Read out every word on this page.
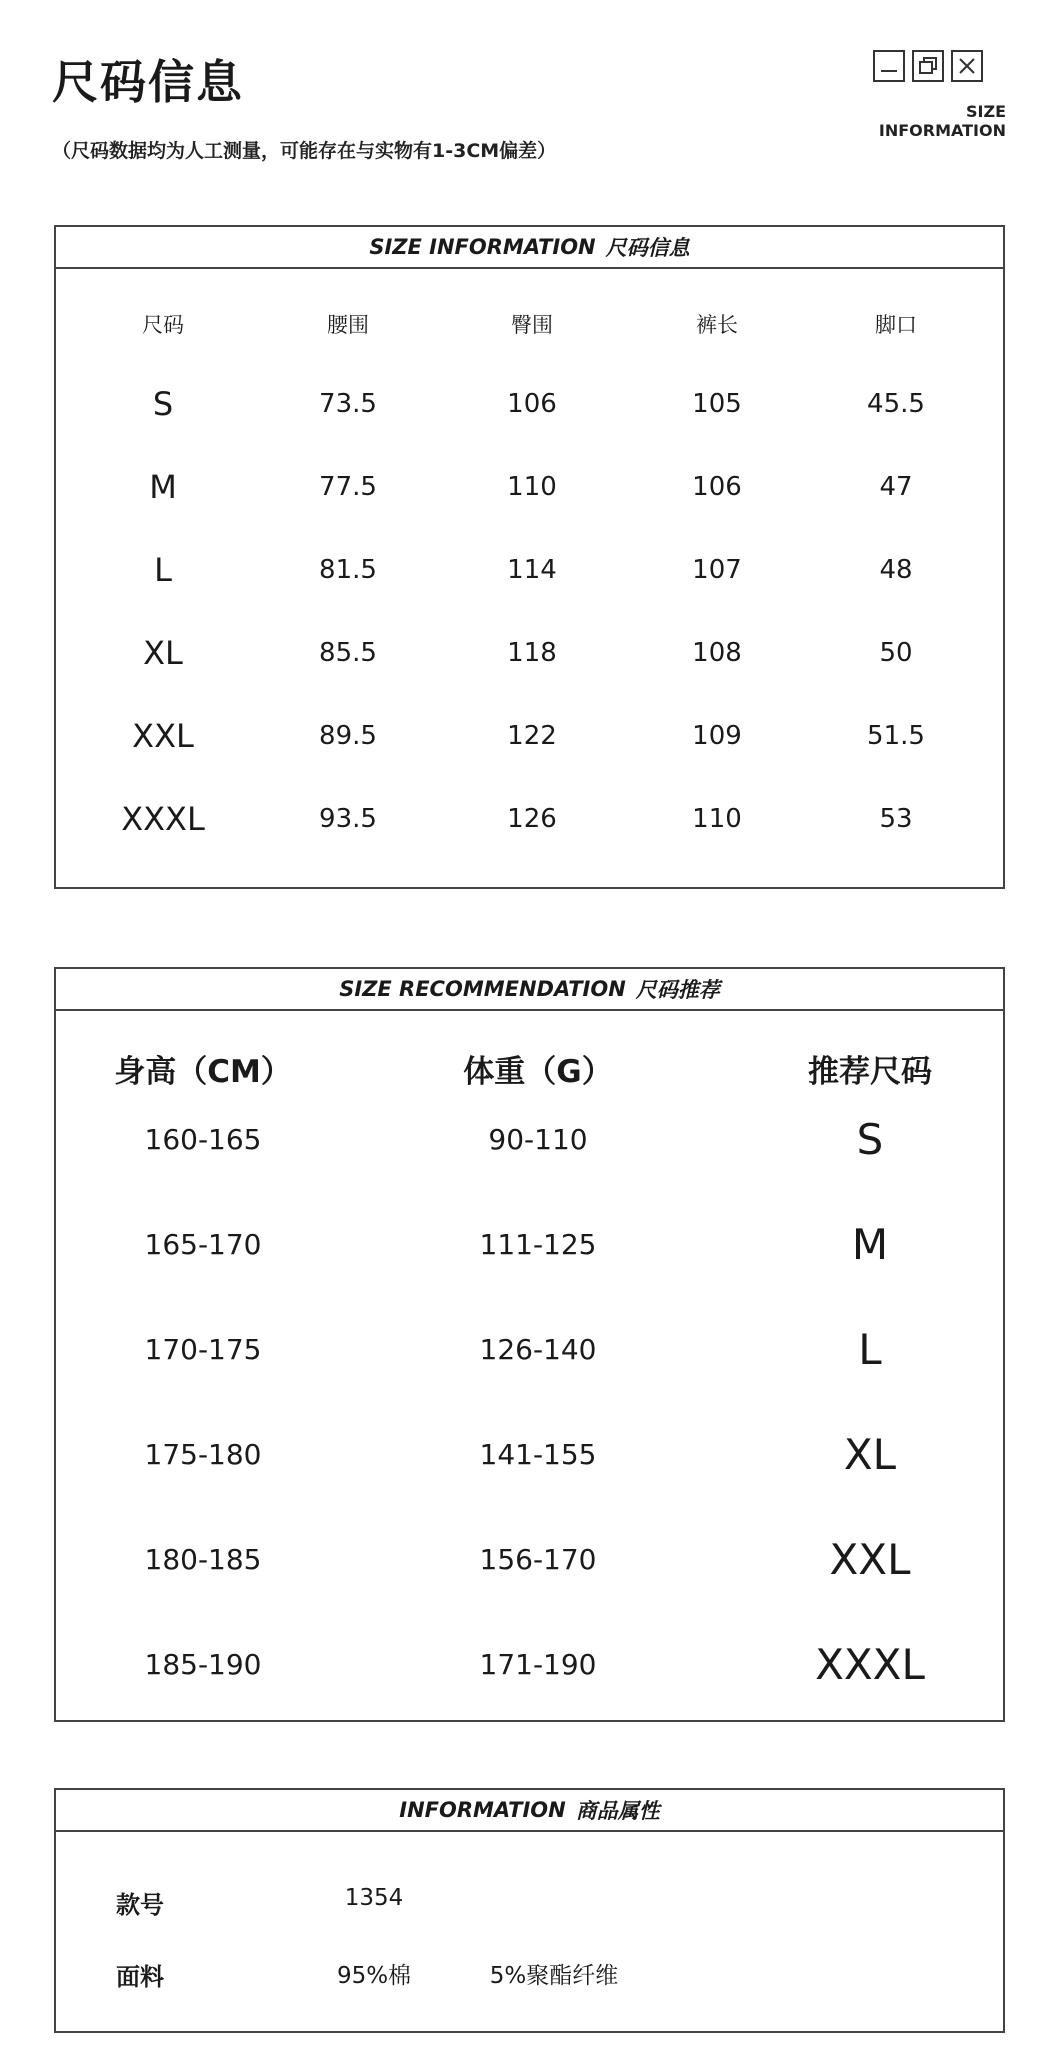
尺码信息
（尺码数据均为人工测量，可能存在与实物有1-3CM偏差）
SIZE INFORMATION
SIZE INFORMATION 尺码信息
尺码	腰围	臀围	裤长	脚口
S	73.5	106	105	45.5
M	77.5	110	106	47
L	81.5	114	107	48
XL	85.5	118	108	50
XXL	89.5	122	109	51.5
XXXL	93.5	126	110	53
SIZE RECOMMENDATION 尺码推荐
身高（CM）	体重（G）	推荐尺码
160-165	90-110	S
165-170	111-125	M
170-175	126-140	L
175-180	141-155	XL
180-185	156-170	XXL
185-190	171-190	XXXL
INFORMATION 商品属性
款号	1354
面料	95%棉	5%聚酯纤维
